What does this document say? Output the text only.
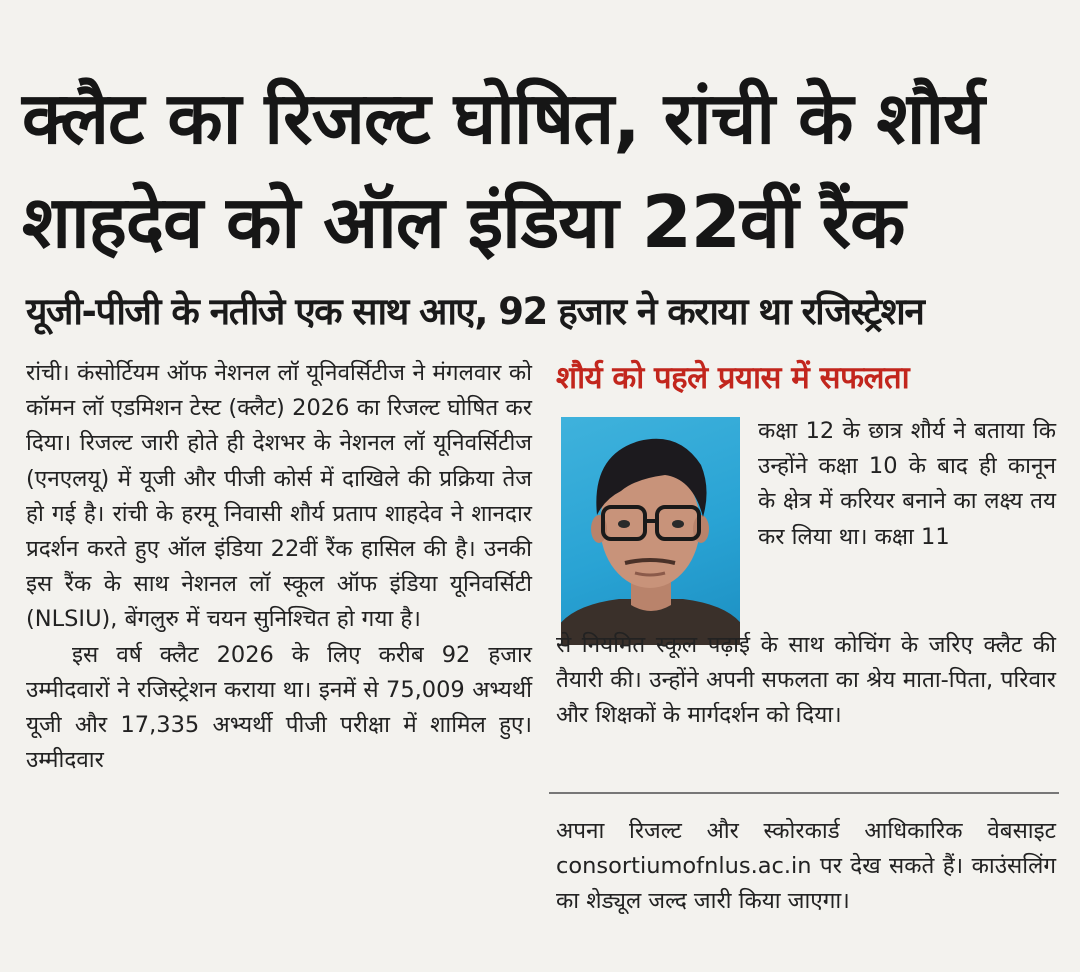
क्लैट का रिजल्ट घोषित, रांची के शौर्य
शाहदेव को ऑल इंडिया 22वीं रैंक
यूजी-पीजी के नतीजे एक साथ आए, 92 हजार ने कराया था रजिस्ट्रेशन

रांची। कंसोर्टियम ऑफ नेशनल लॉ यूनिवर्सिटीज ने मंगलवार को कॉमन लॉ एडमिशन टेस्ट (क्लैट) 2026 का रिजल्ट घोषित कर दिया। रिजल्ट जारी होते ही देशभर के नेशनल लॉ यूनिवर्सिटीज (एनएलयू) में यूजी और पीजी कोर्स में दाखिले की प्रक्रिया तेज हो गई है। रांची के हरमू निवासी शौर्य प्रताप शाहदेव ने शानदार प्रदर्शन करते हुए ऑल इंडिया 22वीं रैंक हासिल की है। उनकी इस रैंक के साथ नेशनल लॉ स्कूल ऑफ इंडिया यूनिवर्सिटी (NLSIU), बेंगलुरु में चयन सुनिश्चित हो गया है।

इस वर्ष क्लैट 2026 के लिए करीब 92 हजार उम्मीदवारों ने रजिस्ट्रेशन कराया था। इनमें से 75,009 अभ्यर्थी यूजी और 17,335 अभ्यर्थी पीजी परीक्षा में शामिल हुए। उम्मीदवार

शौर्य को पहले प्रयास में सफलता
कक्षा 12 के छात्र शौर्य ने बताया कि उन्होंने कक्षा 10 के बाद ही कानून के क्षेत्र में करियर बनाने का लक्ष्य तय कर लिया था। कक्षा 11
से नियमित स्कूल पढ़ाई के साथ कोचिंग के जरिए क्लैट की तैयारी की। उन्होंने अपनी सफलता का श्रेय माता-पिता, परिवार और शिक्षकों के मार्गदर्शन को दिया।

अपना रिजल्ट और स्कोरकार्ड आधिकारिक वेबसाइट consortiumofnlus.ac.in पर देख सकते हैं। काउंसलिंग का शेड्यूल जल्द जारी किया जाएगा।
